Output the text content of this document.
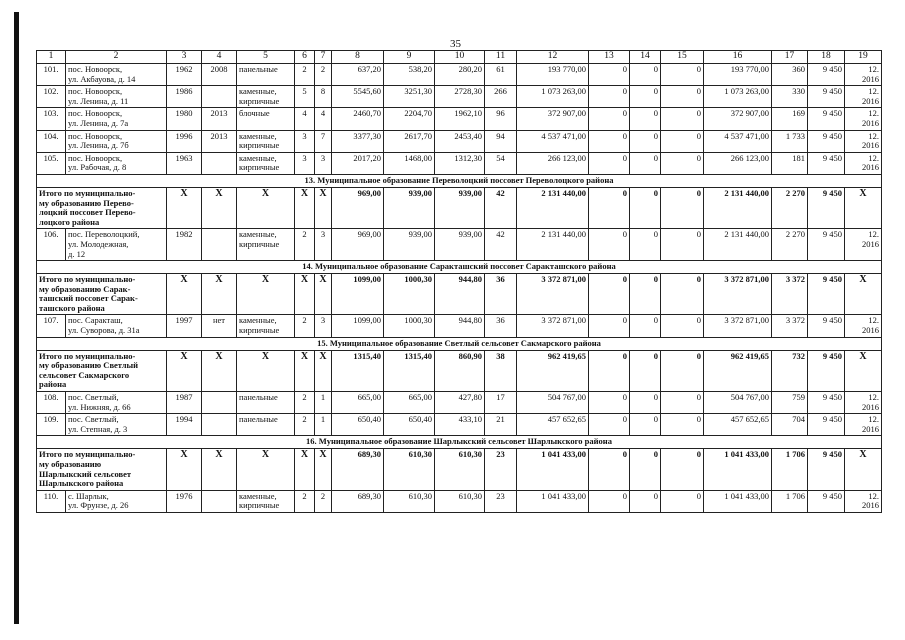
35
1	2	3	4	5	6	7	8	9	10	11	12	13	14	15	16	17	18	19
101.	пос. Новоорск,
ул. Акбауова, д. 14	1962	2008	панельные	2	2	637,20	538,20	280,20	61	193 770,00	0	0	0	193 770,00	360	9 450	12.
2016
102.	пос. Новоорск,
ул. Ленина, д. 11	1986		каменные,
кирпичные	5	8	5545,60	3251,30	2728,30	266	1 073 263,00	0	0	0	1 073 263,00	330	9 450	12.
2016
103.	пос. Новоорск,
ул. Ленина, д. 7а	1980	2013	блочные	4	4	2460,70	2204,70	1962,10	96	372 907,00	0	0	0	372 907,00	169	9 450	12.
2016
104.	пос. Новоорск,
ул. Ленина, д. 7б	1996	2013	каменные,
кирпичные	3	7	3377,30	2617,70	2453,40	94	4 537 471,00	0	0	0	4 537 471,00	1 733	9 450	12.
2016
105.	пос. Новоорск,
ул. Рабочая, д. 8	1963		каменные,
кирпичные	3	3	2017,20	1468,00	1312,30	54	266 123,00	0	0	0	266 123,00	181	9 450	12.
2016
13. Муниципальное образование Переволоцкий поссовет Переволоцкого района																		
Итого по муниципально-
му образованию Перево-
лоцкий поссовет Перево-
лоцкого района		X	X	X	X	X	969,00	939,00	939,00	42	2 131 440,00	0	0	0	2 131 440,00	2 270	9 450	X
106.	пос. Переволоцкий,
ул. Молодежная,
д. 12	1982		каменные,
кирпичные	2	3	969,00	939,00	939,00	42	2 131 440,00	0	0	0	2 131 440,00	2 270	9 450	12.
2016
14. Муниципальное образование Саракташский поссовет Саракташского района																		
Итого по муниципально-
му образованию Сарак-
ташский поссовет Сарак-
ташского района		X	X	X	X	X	1099,00	1000,30	944,80	36	3 372 871,00	0	0	0	3 372 871,00	3 372	9 450	X
107.	пос. Саракташ,
ул. Суворова, д. 31а	1997	нет	каменные,
кирпичные	2	3	1099,00	1000,30	944,80	36	3 372 871,00	0	0	0	3 372 871,00	3 372	9 450	12.
2016
15. Муниципальное образование Светлый сельсовет Сакмарского района																		
Итого по муниципально-
му образованию Светлый
сельсовет Сакмарского
района		X	X	X	X	X	1315,40	1315,40	860,90	38	962 419,65	0	0	0	962 419,65	732	9 450	X
108.	пос. Светлый,
ул. Нижняя, д. 66	1987		панельные	2	1	665,00	665,00	427,80	17	504 767,00	0	0	0	504 767,00	759	9 450	12.
2016
109.	пос. Светлый,
ул. Степная, д. 3	1994		панельные	2	1	650,40	650,40	433,10	21	457 652,65	0	0	0	457 652,65	704	9 450	12.
2016
16. Муниципальное образование Шарлыкский сельсовет Шарлыкского района																		
Итого по муниципально-
му образованию
Шарлыкский сельсовет
Шарлыкского района		X	X	X	X	X	689,30	610,30	610,30	23	1 041 433,00	0	0	0	1 041 433,00	1 706	9 450	X
110.	с. Шарлык,
ул. Фрунзе, д. 26	1976		каменные,
кирпичные	2	2	689,30	610,30	610,30	23	1 041 433,00	0	0	0	1 041 433,00	1 706	9 450	12.
2016
